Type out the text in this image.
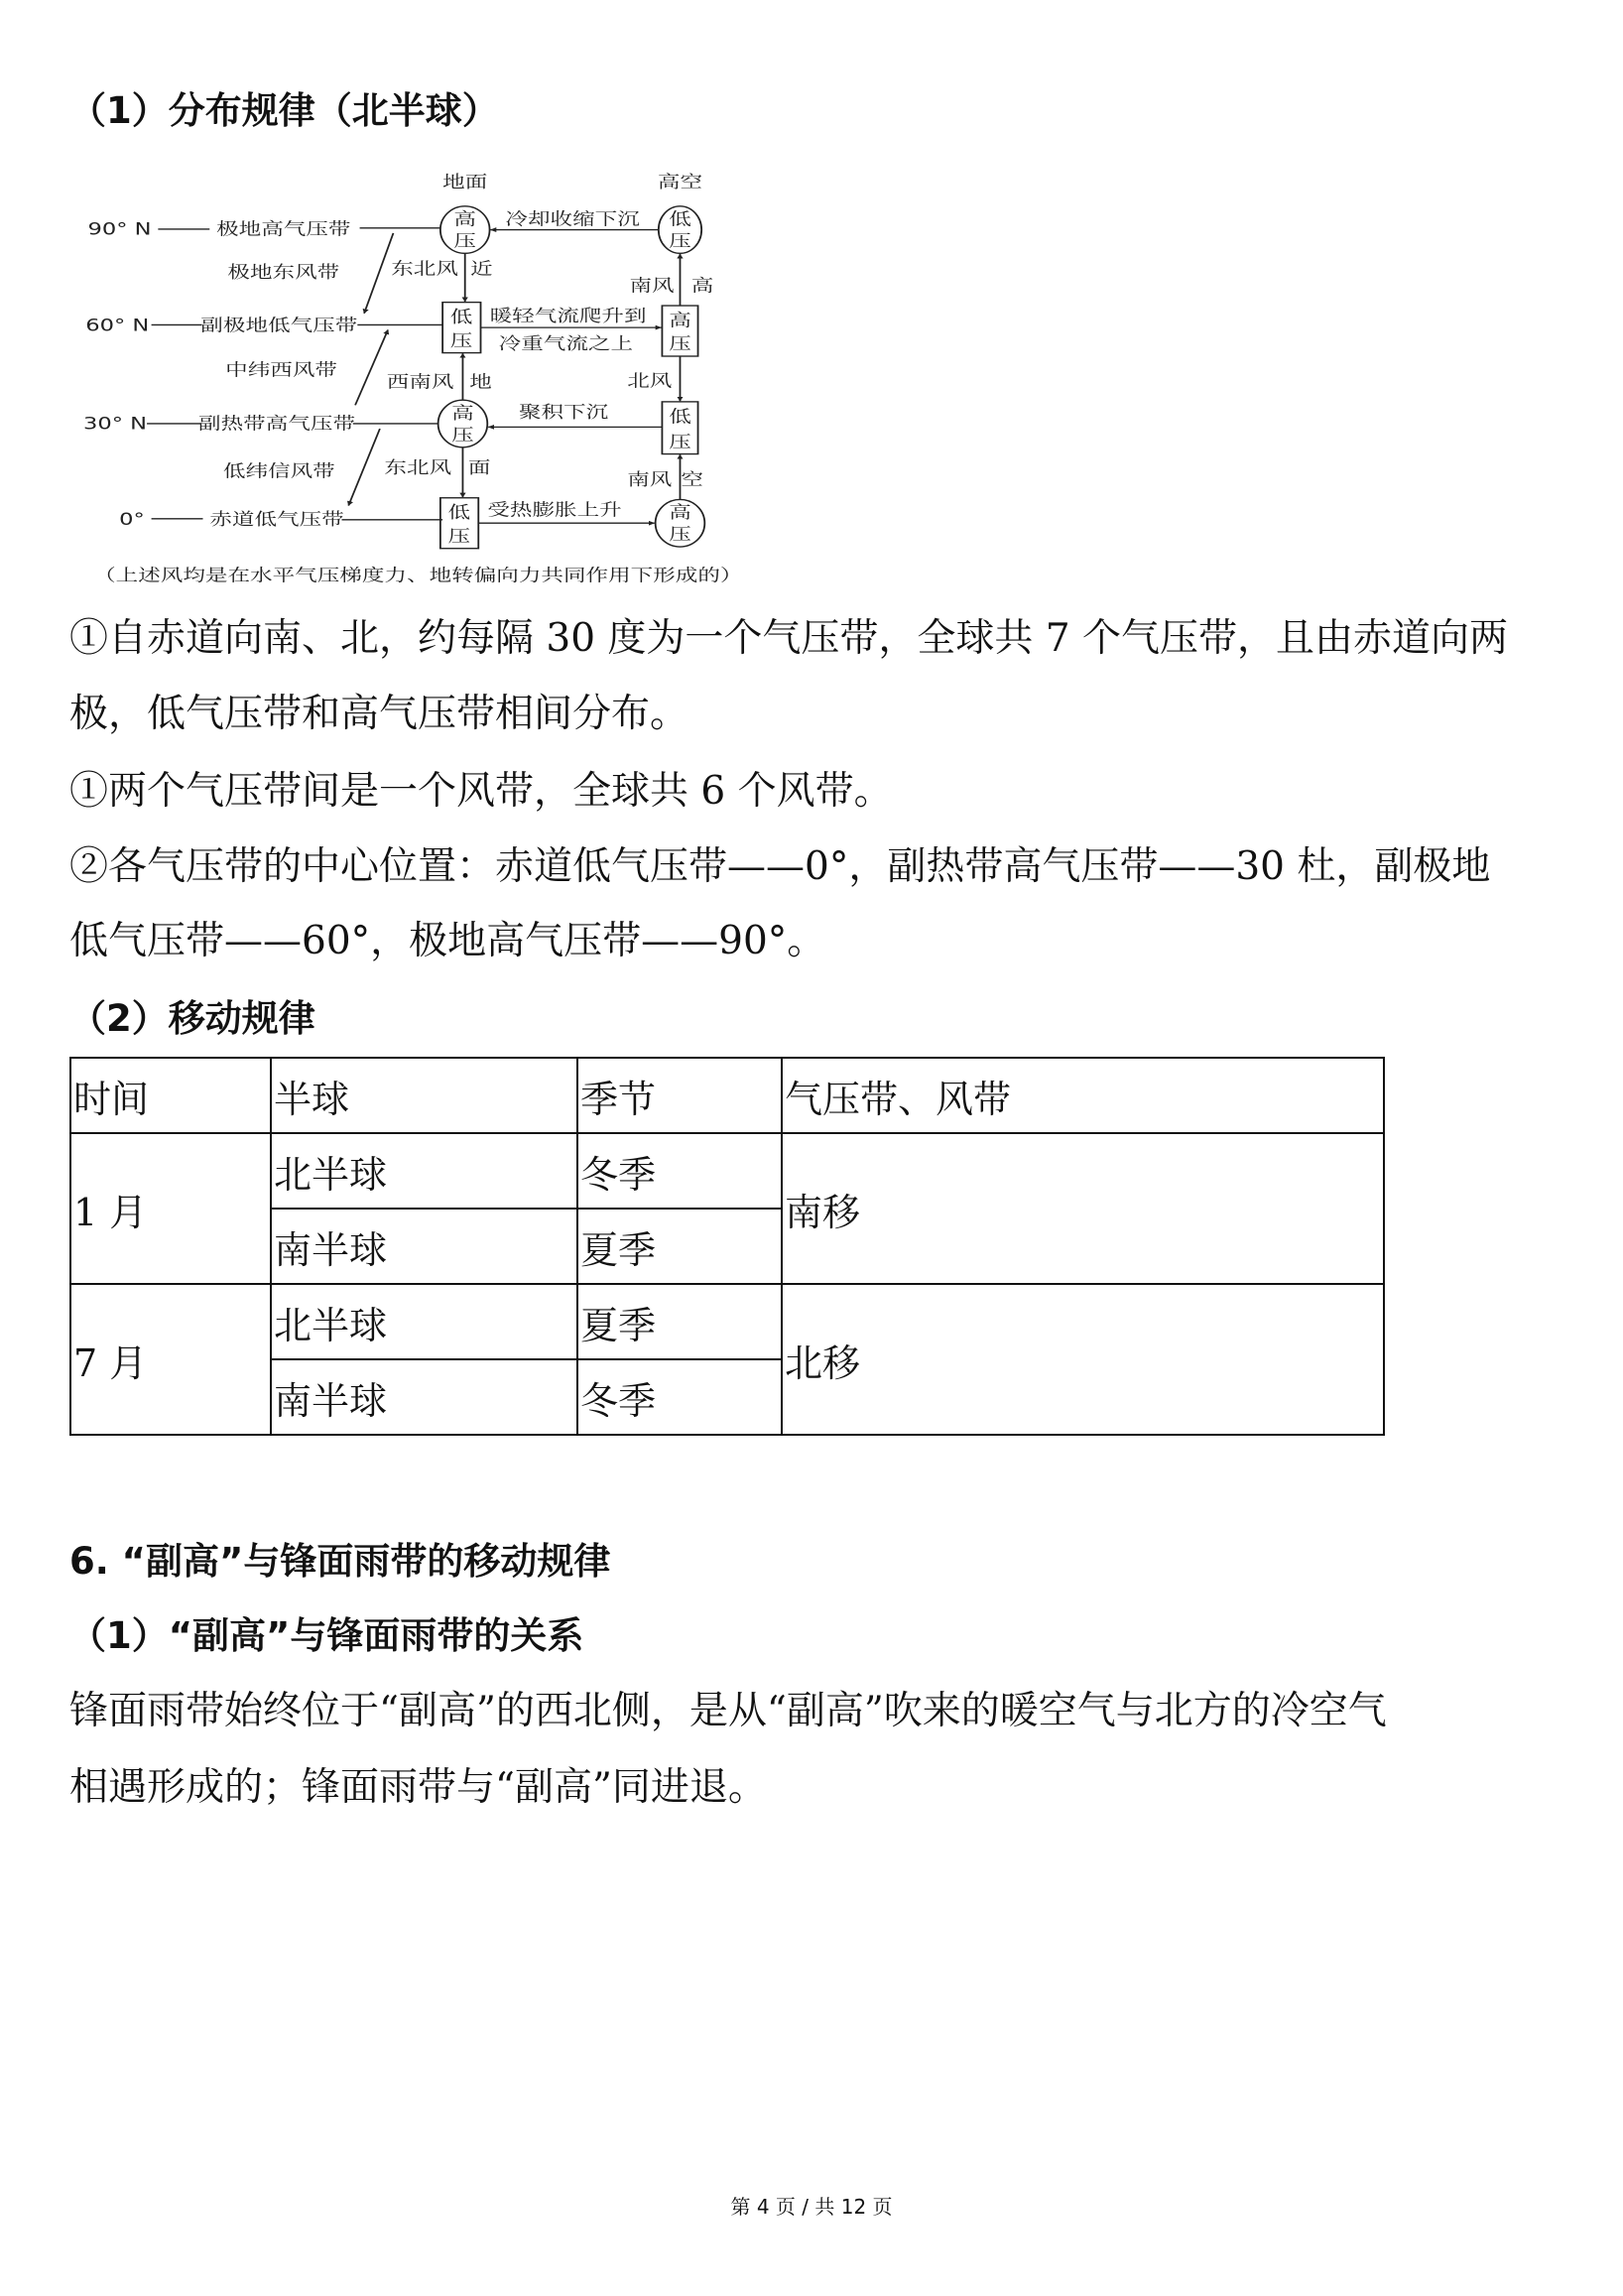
（1）分布规律（北半球）
地面	高空
90° N
60° N
30° N
0°
极地高气压带
副极地低气压带
副热带高气压带
赤道低气压带
极地东风带
中纬西风带
低纬信风带
高
压
低
压
高
压
低
压
低
压
高
压
低
压
高
压
冷却收缩下沉
暖轻气流爬升到
冷重气流之上
聚积下沉
受热膨胀上升
东北风 近
西南风 地
东北风 面
南风 高
北风
南风 空
（上述风均是在水平气压梯度力、地转偏向力共同作用下形成的）
①自赤道向南、北，约每隔 30 度为一个气压带，全球共 7 个气压带，且由赤道向两
极，低气压带和高气压带相间分布。
①两个气压带间是一个风带，全球共 6 个风带。
②各气压带的中心位置：赤道低气压带——0°，副热带高气压带——30 杜，副极地
低气压带——60°，极地高气压带——90°。
（2）移动规律
时间	半球	季节	气压带、风带
1 月	北半球	冬季	南移
	南半球	夏季	
7 月	北半球	夏季	北移
	南半球	冬季	
6. “副高”与锋面雨带的移动规律
（1）“副高”与锋面雨带的关系
锋面雨带始终位于“副高”的西北侧，是从“副高”吹来的暖空气与北方的冷空气
相遇形成的；锋面雨带与“副高”同进退。
第 4 页 / 共 12 页
